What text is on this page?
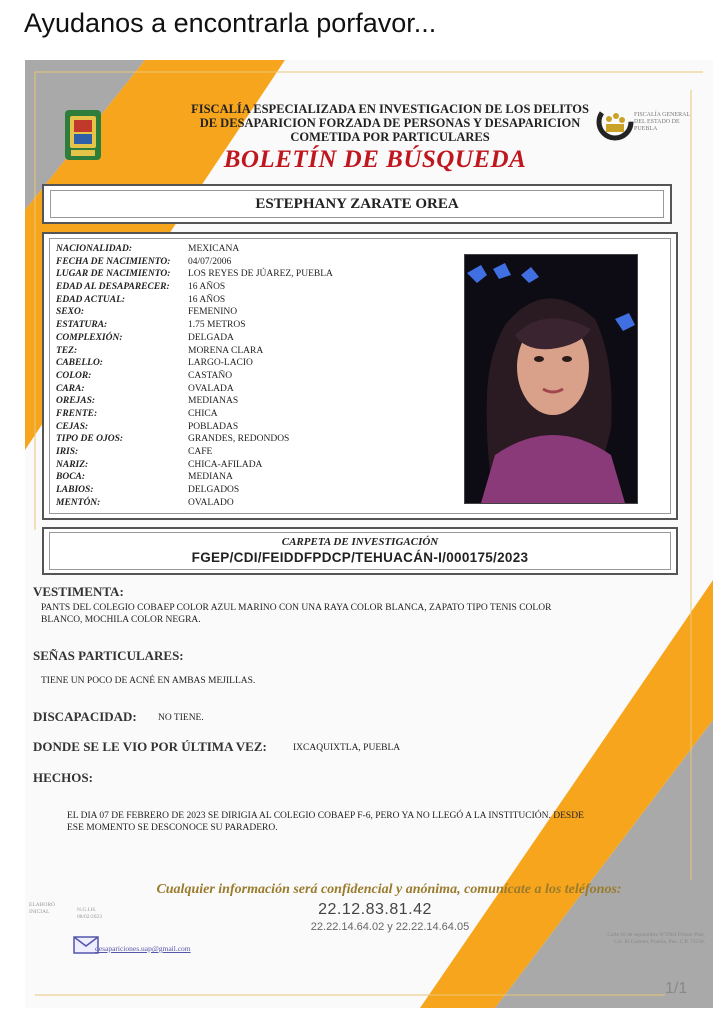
Ayudanos a encontrarla porfavor...
FISCALÍA ESPECIALIZADA EN INVESTIGACION DE LOS DELITOS
DE DESAPARICION FORZADA DE PERSONAS Y DESAPARICION
COMETIDA POR PARTICULARES
FISCALÍA GENERAL
DEL ESTADO DE
PUEBLA
BOLETÍN DE BÚSQUEDA
ESTEPHANY ZARATE OREA
NACIONALIDAD:	MEXICANA
FECHA DE NACIMIENTO: 04/07/2006
LUGAR DE NACIMIENTO: LOS REYES DE JÚAREZ, PUEBLA
EDAD AL DESAPARECER: 16 AÑOS
EDAD ACTUAL:	16 AÑOS
SEXO:	FEMENINO
ESTATURA:	1.75 METROS
COMPLEXIÓN:	DELGADA
TEZ:	MORENA CLARA
CABELLO:	LARGO-LACIO
COLOR:	CASTAÑO
CARA:	OVALADA
OREJAS:	MEDIANAS
FRENTE:	CHICA
CEJAS:	POBLADAS
TIPO DE OJOS:	GRANDES, REDONDOS
IRIS:	CAFE
NARIZ:	CHICA-AFILADA
BOCA:	MEDIANA
LABIOS:	DELGADOS
MENTÓN:	OVALADO
CARPETA DE INVESTIGACIÓN
FGEP/CDI/FEIDDFPDCP/TEHUACÁN-I/000175/2023
VESTIMENTA:
PANTS DEL COLEGIO COBAEP COLOR AZUL MARINO CON UNA RAYA COLOR BLANCA, ZAPATO TIPO TENIS COLOR
BLANCO, MOCHILA COLOR NEGRA.
SEÑAS PARTICULARES:
TIENE UN POCO DE ACNÉ EN AMBAS MEJILLAS.
DISCAPACIDAD: NO TIENE.
DONDE SE LE VIO POR ÚLTIMA VEZ:	IXCAQUIXTLA, PUEBLA
HECHOS:
EL DIA 07 DE FEBRERO DE 2023 SE DIRIGIA AL COLEGIO COBAEP F-6, PERO YA NO LLEGÓ A LA INSTITUCIÓN. DESDE
ESE MOMENTO SE DESCONOCE SU PARADERO.
Cualquier información será confidencial y anónima, comunícate a los teléfonos:
22.12.83.81.42
22.22.14.64.02 y 22.22.14.64.05
ELABORÓ
INICIAL	N.G.I.H.
08/02/2023
desapariciones.uap@gmail.com
Calle 16 de septiembre N°2904 Primer Piso,
Col. El Carmen, Puebla, Pue. C.P. 72530.
1/1
